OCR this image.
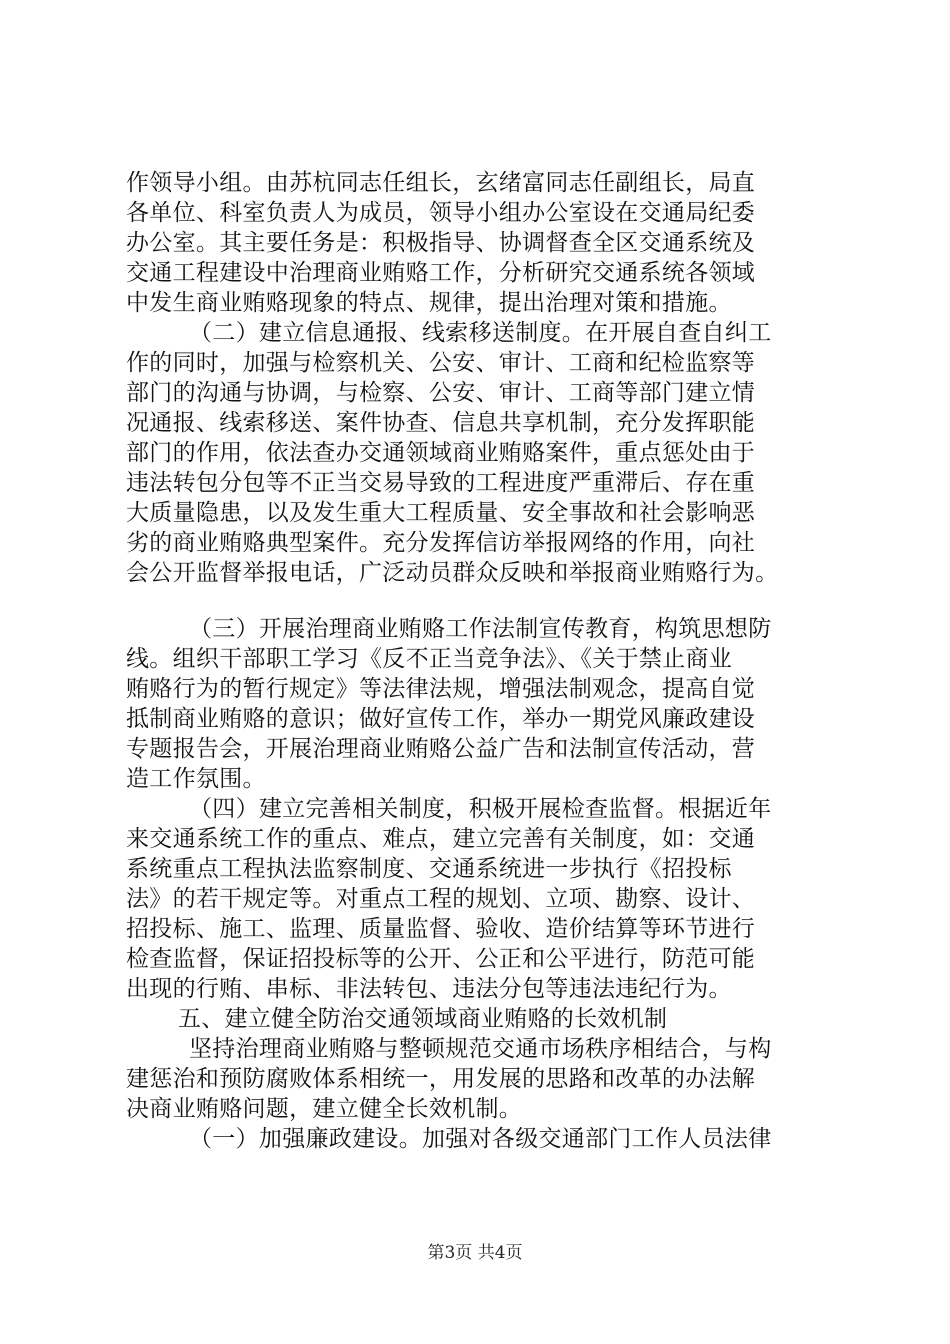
作领导小组。由苏杭同志任组长，玄绪富同志任副组长，局直
各单位、科室负责人为成员，领导小组办公室设在交通局纪委
办公室。其主要任务是：积极指导、协调督查全区交通系统及
交通工程建设中治理商业贿赂工作，分析研究交通系统各领域
中发生商业贿赂现象的特点、规律，提出治理对策和措施。
（二）建立信息通报、线索移送制度。在开展自查自纠工
作的同时，加强与检察机关、公安、审计、工商和纪检监察等
部门的沟通与协调，与检察、公安、审计、工商等部门建立情
况通报、线索移送、案件协查、信息共享机制，充分发挥职能
部门的作用，依法查办交通领域商业贿赂案件，重点惩处由于
违法转包分包等不正当交易导致的工程进度严重滞后、存在重
大质量隐患，以及发生重大工程质量、安全事故和社会影响恶
劣的商业贿赂典型案件。充分发挥信访举报网络的作用，向社
会公开监督举报电话，广泛动员群众反映和举报商业贿赂行为。
（三）开展治理商业贿赂工作法制宣传教育，构筑思想防
线。组织干部职工学习《反不正当竞争法》、《关于禁止商业
贿赂行为的暂行规定》等法律法规，增强法制观念，提高自觉
抵制商业贿赂的意识；做好宣传工作，举办一期党风廉政建设
专题报告会，开展治理商业贿赂公益广告和法制宣传活动，营
造工作氛围。
（四）建立完善相关制度，积极开展检查监督。根据近年
来交通系统工作的重点、难点，建立完善有关制度，如：交通
系统重点工程执法监察制度、交通系统进一步执行《招投标
法》的若干规定等。对重点工程的规划、立项、勘察、设计、
招投标、施工、监理、质量监督、验收、造价结算等环节进行
检查监督，保证招投标等的公开、公正和公平进行，防范可能
出现的行贿、串标、非法转包、违法分包等违法违纪行为。
五、建立健全防治交通领域商业贿赂的长效机制
坚持治理商业贿赂与整顿规范交通市场秩序相结合，与构
建惩治和预防腐败体系相统一，用发展的思路和改革的办法解
决商业贿赂问题，建立健全长效机制。
（一）加强廉政建设。加强对各级交通部门工作人员法律
第3页 共4页
